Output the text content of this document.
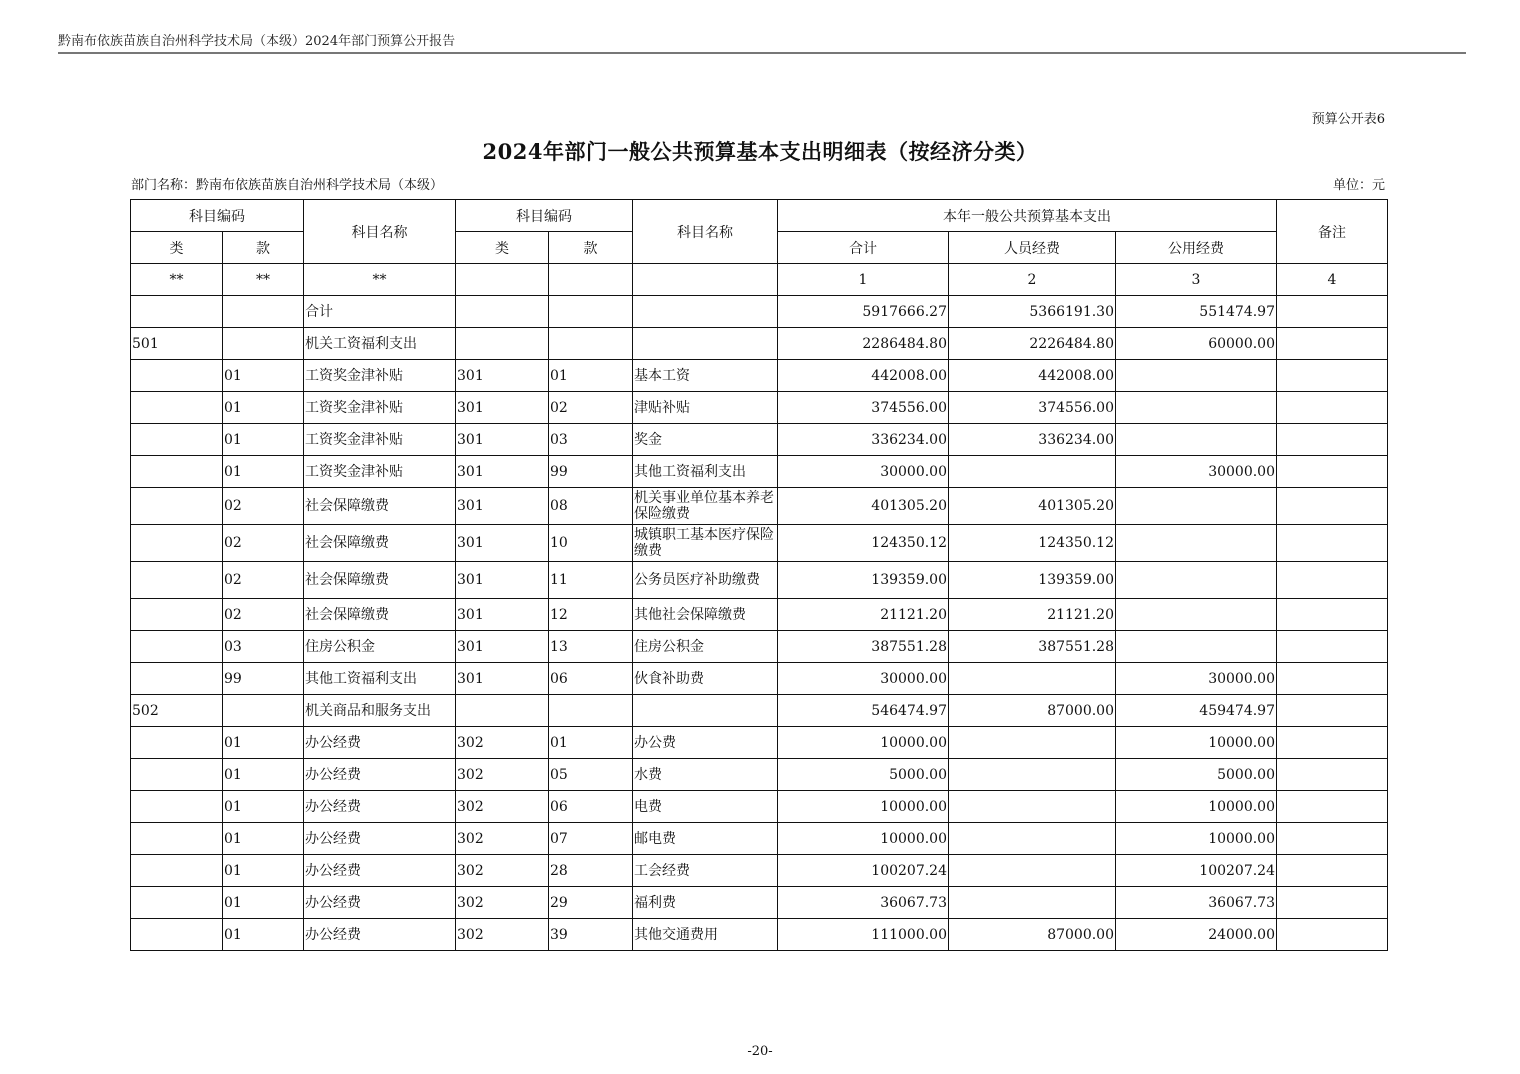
黔南布依族苗族自治州科学技术局（本级）2024年部门预算公开报告
预算公开表6
2024年部门一般公共预算基本支出明细表（按经济分类）
部门名称：黔南布依族苗族自治州科学技术局（本级）	单位：元
科目编码		科目名称	科目编码		科目名称	本年一般公共预算基本支出			备注
类	款		类	款		合计	人员经费	公用经费	
**	**	**				1	2	3	4
		合计				5917666.27	5366191.30	551474.97	
501		机关工资福利支出				2286484.80	2226484.80	60000.00	
	01	工资奖金津补贴	301	01	基本工资	442008.00	442008.00		
	01	工资奖金津补贴	301	02	津贴补贴	374556.00	374556.00		
	01	工资奖金津补贴	301	03	奖金	336234.00	336234.00		
	01	工资奖金津补贴	301	99	其他工资福利支出	30000.00		30000.00	
	02	社会保障缴费	301	08	机关事业单位基本养老保险缴费	401305.20	401305.20		
	02	社会保障缴费	301	10	城镇职工基本医疗保险缴费	124350.12	124350.12		
	02	社会保障缴费	301	11	公务员医疗补助缴费	139359.00	139359.00		
	02	社会保障缴费	301	12	其他社会保障缴费	21121.20	21121.20		
	03	住房公积金	301	13	住房公积金	387551.28	387551.28		
	99	其他工资福利支出	301	06	伙食补助费	30000.00		30000.00	
502		机关商品和服务支出				546474.97	87000.00	459474.97	
	01	办公经费	302	01	办公费	10000.00		10000.00	
	01	办公经费	302	05	水费	5000.00		5000.00	
	01	办公经费	302	06	电费	10000.00		10000.00	
	01	办公经费	302	07	邮电费	10000.00		10000.00	
	01	办公经费	302	28	工会经费	100207.24		100207.24	
	01	办公经费	302	29	福利费	36067.73		36067.73	
	01	办公经费	302	39	其他交通费用	111000.00	87000.00	24000.00	
-20-
